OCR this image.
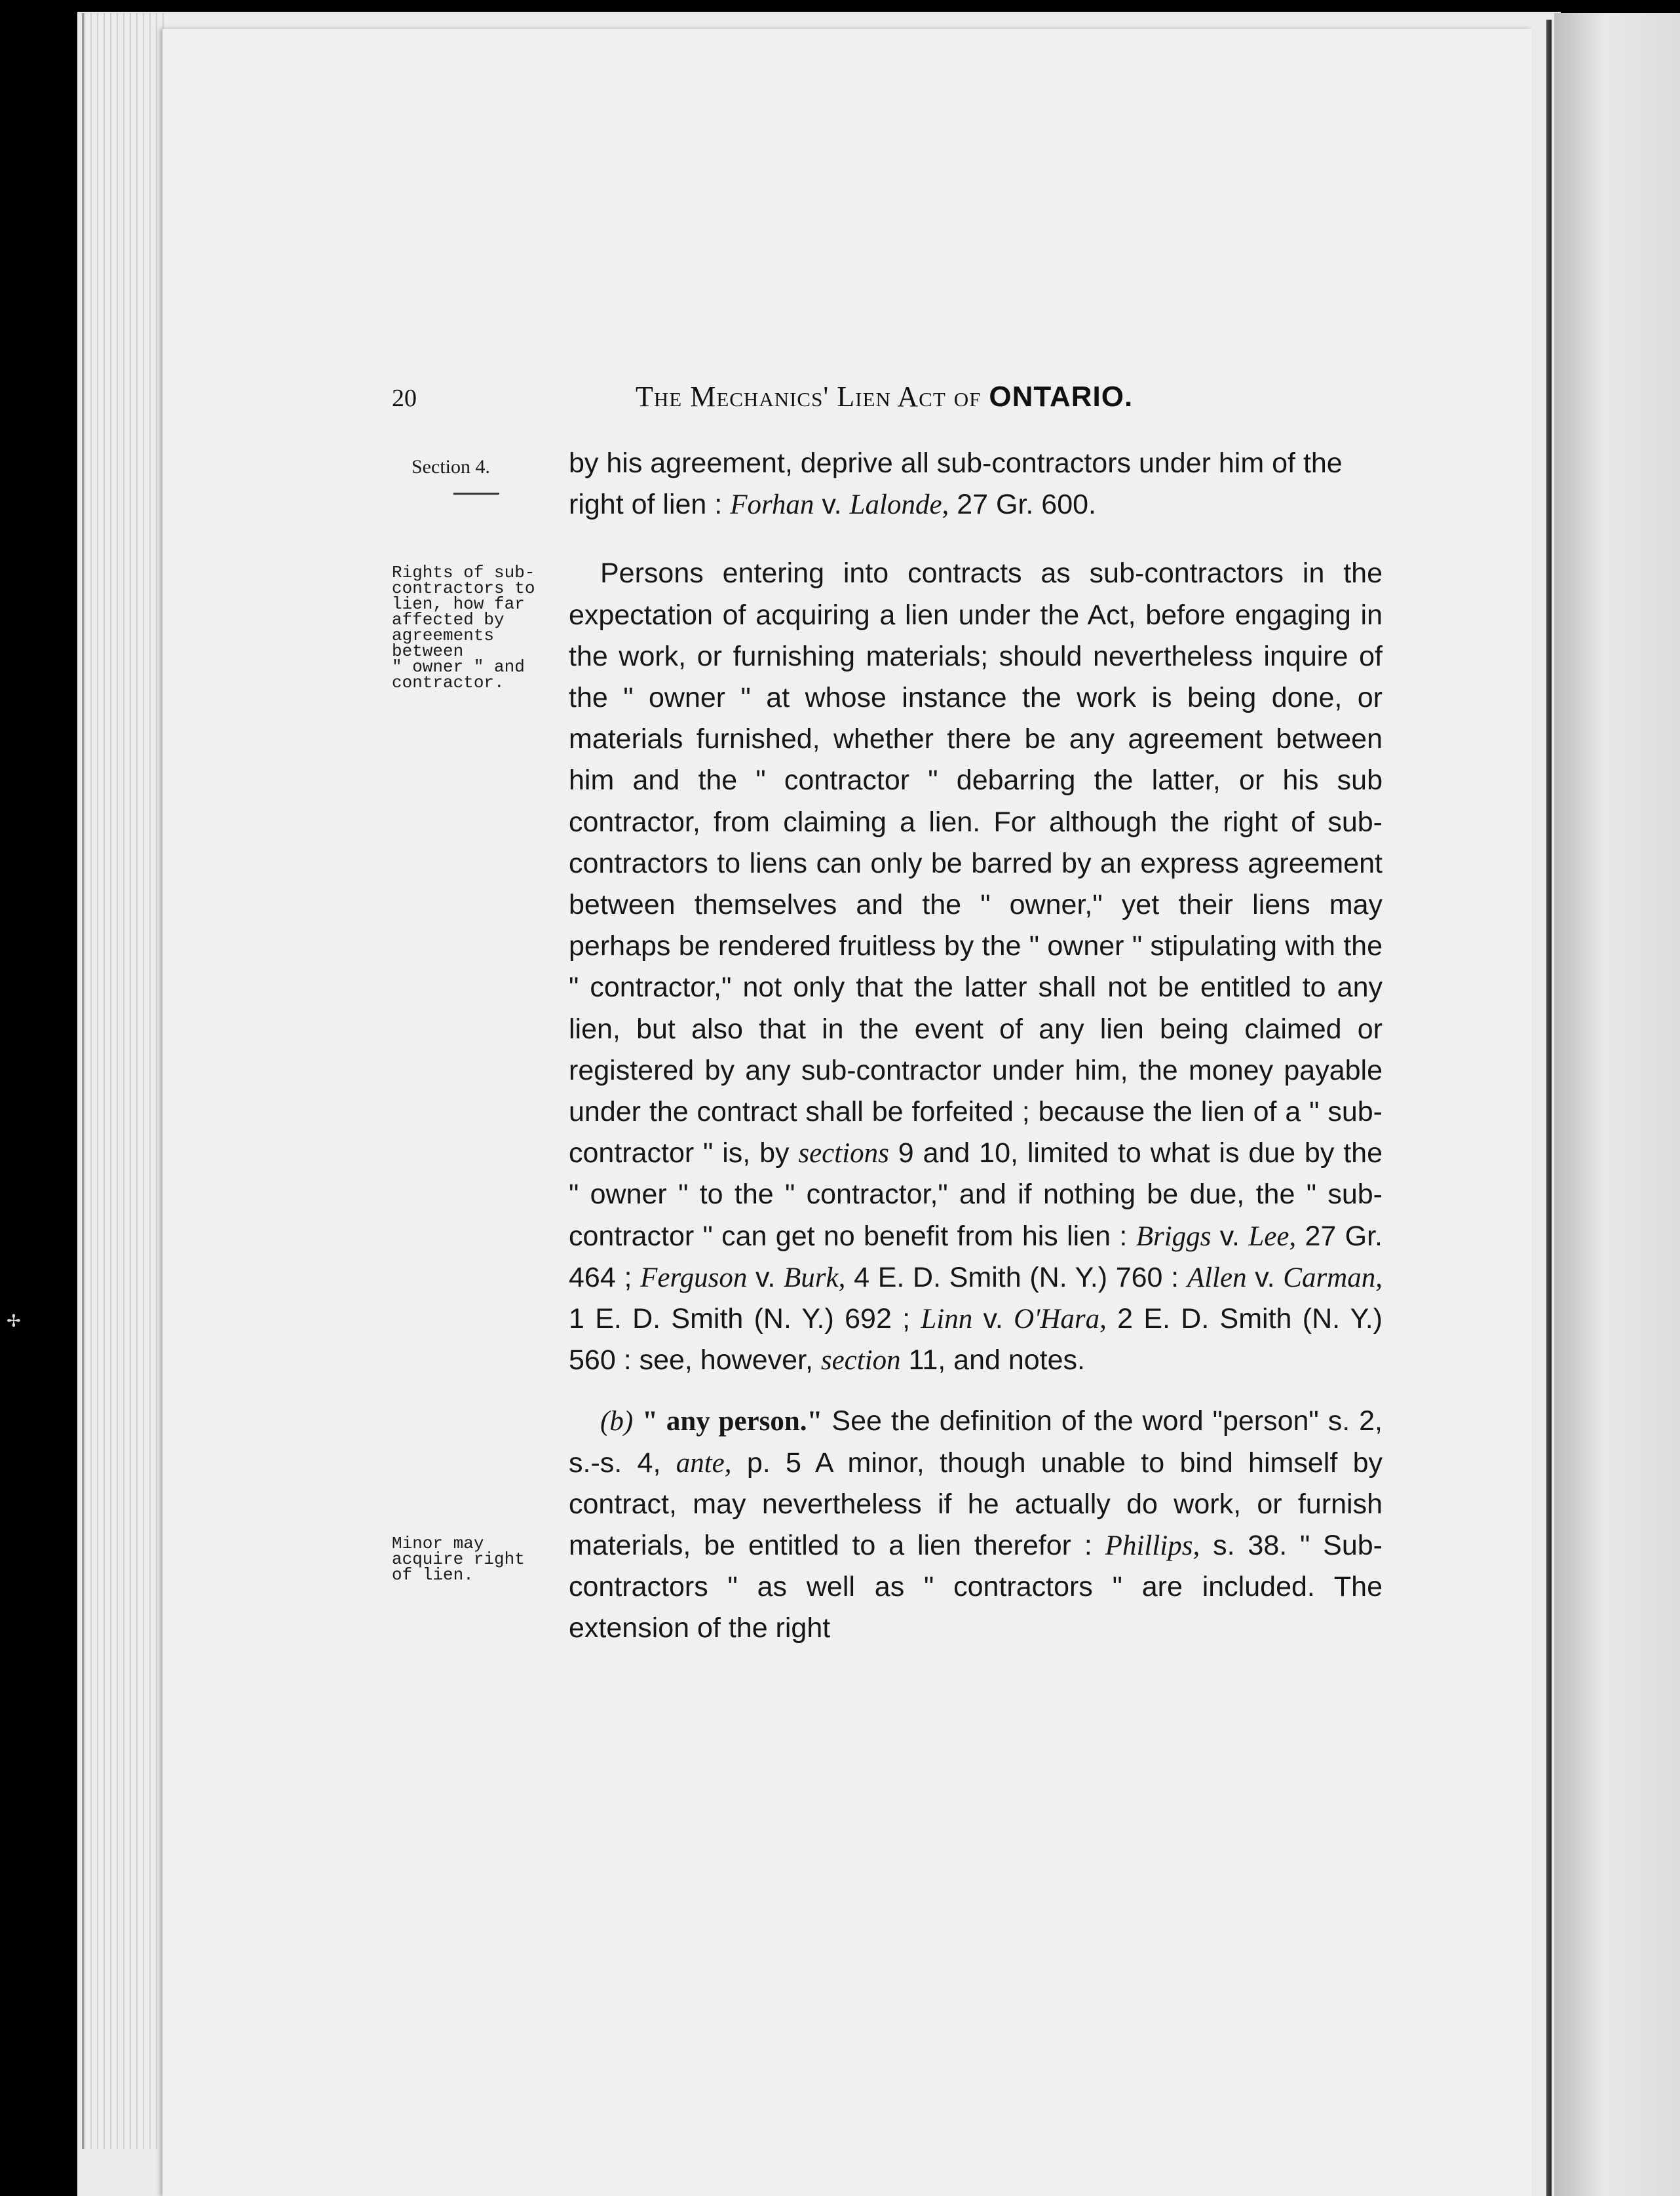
✢
20	The Mechanics' Lien Act of ONTARIO.
Section 4.
Rights of sub-
contractors to
lien, how far
affected by
agreements
between
" owner " and
contractor.
Minor may
acquire right
of lien.

by his agreement, deprive all sub-contractors under him of the right of lien : Forhan v. Lalonde, 27 Gr. 600.

Persons entering into contracts as sub-contractors in the expectation of acquiring a lien under the Act, before engaging in the work, or furnishing materials; should nevertheless inquire of the " owner " at whose instance the work is being done, or materials furnished, whether there be any agreement between him and the " contractor " debarring the latter, or his sub contractor, from claiming a lien. For although the right of sub-contractors to liens can only be barred by an express agreement between themselves and the " owner," yet their liens may perhaps be rendered fruitless by the " owner " stipulating with the " contractor," not only that the latter shall not be entitled to any lien, but also that in the event of any lien being claimed or registered by any sub-contractor under him, the money payable under the contract shall be forfeited ; because the lien of a " sub-contractor " is, by sections 9 and 10, limited to what is due by the " owner " to the " contractor," and if nothing be due, the " sub-contractor " can get no benefit from his lien : Briggs v. Lee, 27 Gr. 464 ; Ferguson v. Burk, 4 E. D. Smith (N. Y.) 760 : Allen v. Carman, 1 E. D. Smith (N. Y.) 692 ; Linn v. O'Hara, 2 E. D. Smith (N. Y.) 560 : see, however, section 11, and notes.

(b) " any person." See the definition of the word "person" s. 2, s.-s. 4, ante, p. 5 A minor, though unable to bind himself by contract, may nevertheless if he actually do work, or furnish materials, be entitled to a lien therefor : Phillips, s. 38. " Sub-contractors " as well as " contractors " are included. The extension of the right
